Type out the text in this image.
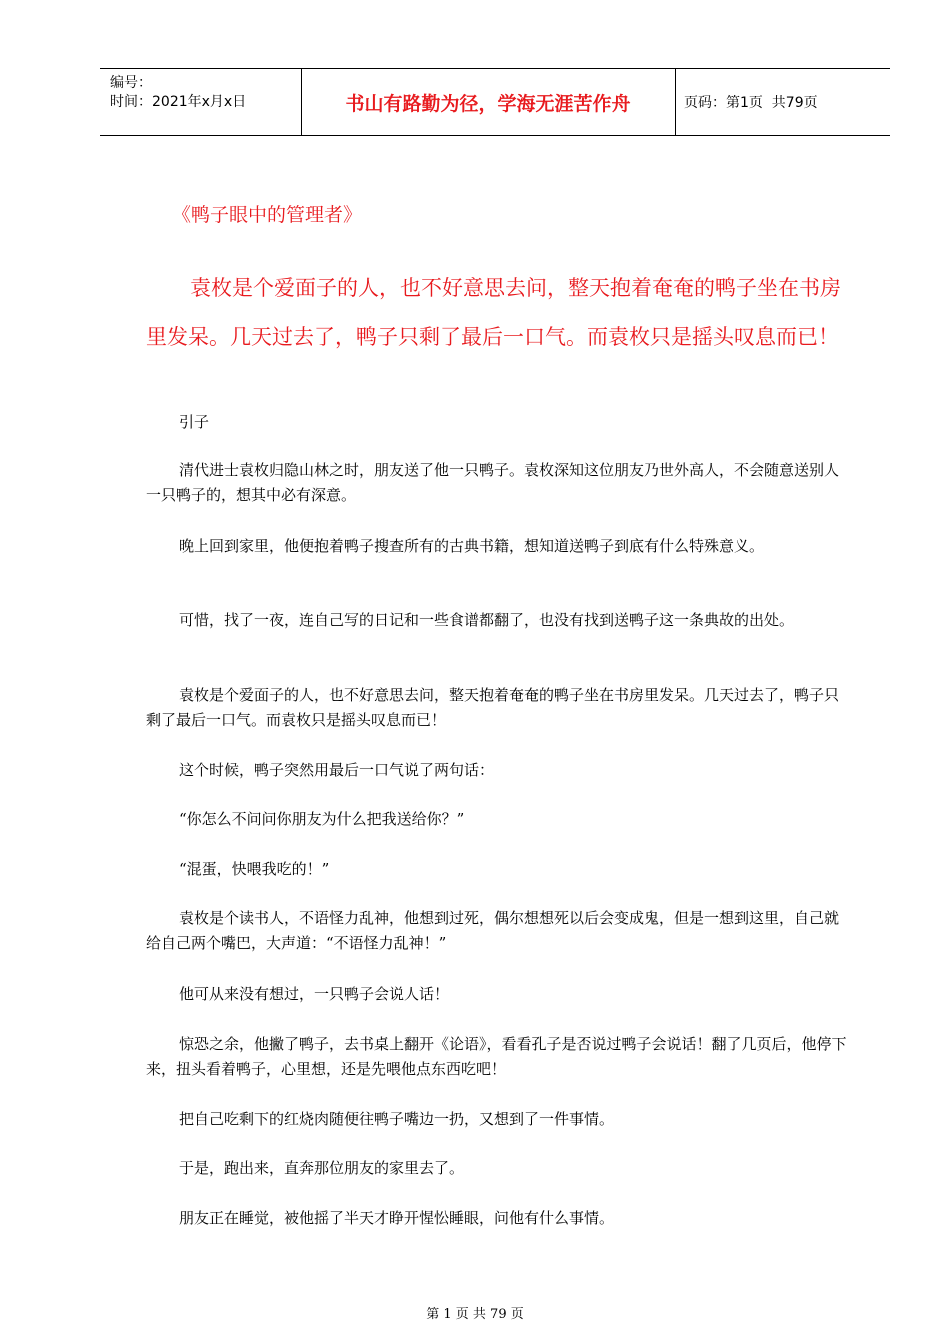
编号：
时间：2021年x月x日	书山有路勤为径，学海无涯苦作舟	页码：第1页  共79页
《鸭子眼中的管理者》
袁枚是个爱面子的人，也不好意思去问，整天抱着奄奄的鸭子坐在书房里发呆。几天过去了，鸭子只剩了最后一口气。而袁枚只是摇头叹息而已！

引子

清代进士袁枚归隐山林之时，朋友送了他一只鸭子。袁枚深知这位朋友乃世外高人，不会随意送别人一只鸭子的，想其中必有深意。

晚上回到家里，他便抱着鸭子搜查所有的古典书籍，想知道送鸭子到底有什么特殊意义。

可惜，找了一夜，连自己写的日记和一些食谱都翻了，也没有找到送鸭子这一条典故的出处。

袁枚是个爱面子的人，也不好意思去问，整天抱着奄奄的鸭子坐在书房里发呆。几天过去了，鸭子只剩了最后一口气。而袁枚只是摇头叹息而已！

这个时候，鸭子突然用最后一口气说了两句话：

“你怎么不问问你朋友为什么把我送给你？”

“混蛋，快喂我吃的！”

袁枚是个读书人，不语怪力乱神，他想到过死，偶尔想想死以后会变成鬼，但是一想到这里，自己就给自己两个嘴巴，大声道：“不语怪力乱神！”

他可从来没有想过，一只鸭子会说人话！

惊恐之余，他撇了鸭子，去书桌上翻开《论语》，看看孔子是否说过鸭子会说话！翻了几页后，他停下来，扭头看着鸭子，心里想，还是先喂他点东西吃吧！

把自己吃剩下的红烧肉随便往鸭子嘴边一扔，又想到了一件事情。

于是，跑出来，直奔那位朋友的家里去了。

朋友正在睡觉，被他摇了半天才睁开惺忪睡眼，问他有什么事情。

第 1 页 共 79 页
